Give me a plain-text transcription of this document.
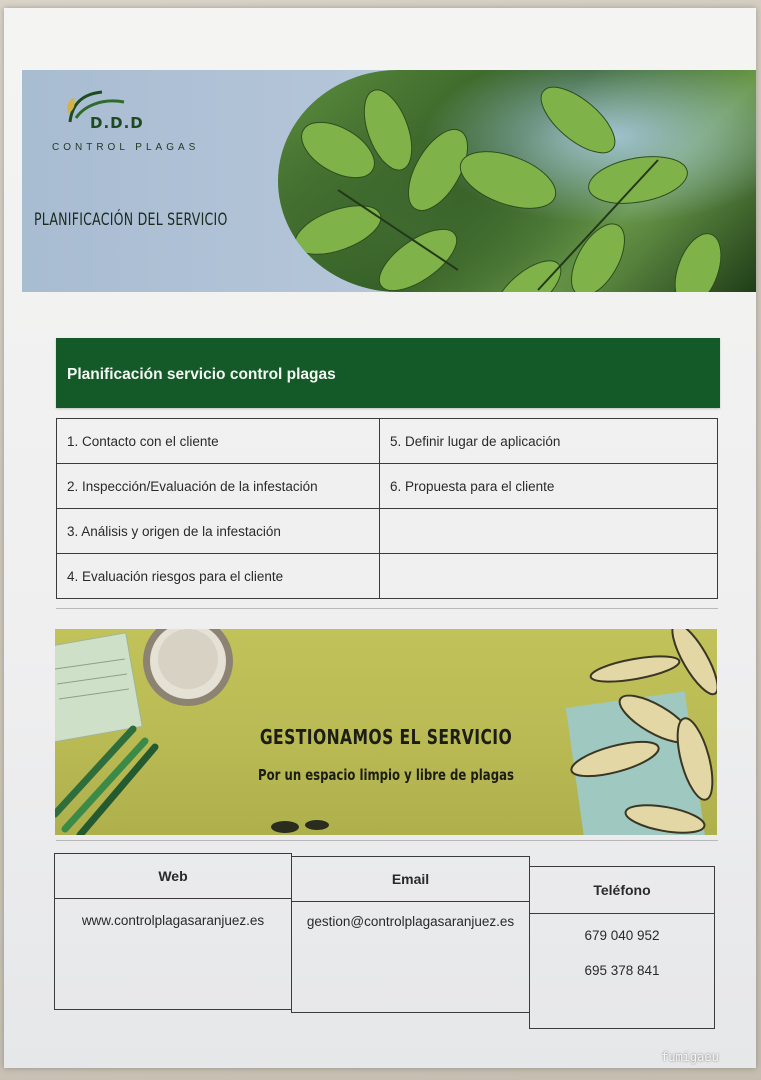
D.D.D
CONTROL PLAGAS
PLANIFICACIÓN DEL SERVICIO
Planificación servicio control plagas
1. Contacto con el cliente	5. Definir lugar de aplicación
2. Inspección/Evaluación de la infestación	6. Propuesta para el cliente
3. Análisis y origen de la infestación	
4. Evaluación riesgos para el cliente	
GESTIONAMOS EL SERVICIO
Por un espacio limpio y libre de plagas
Web
www.controlplagasaranjuez.es
Email
gestion@controlplagasaranjuez.es
Teléfono
679 040 952
695 378 841
fumigaeu
